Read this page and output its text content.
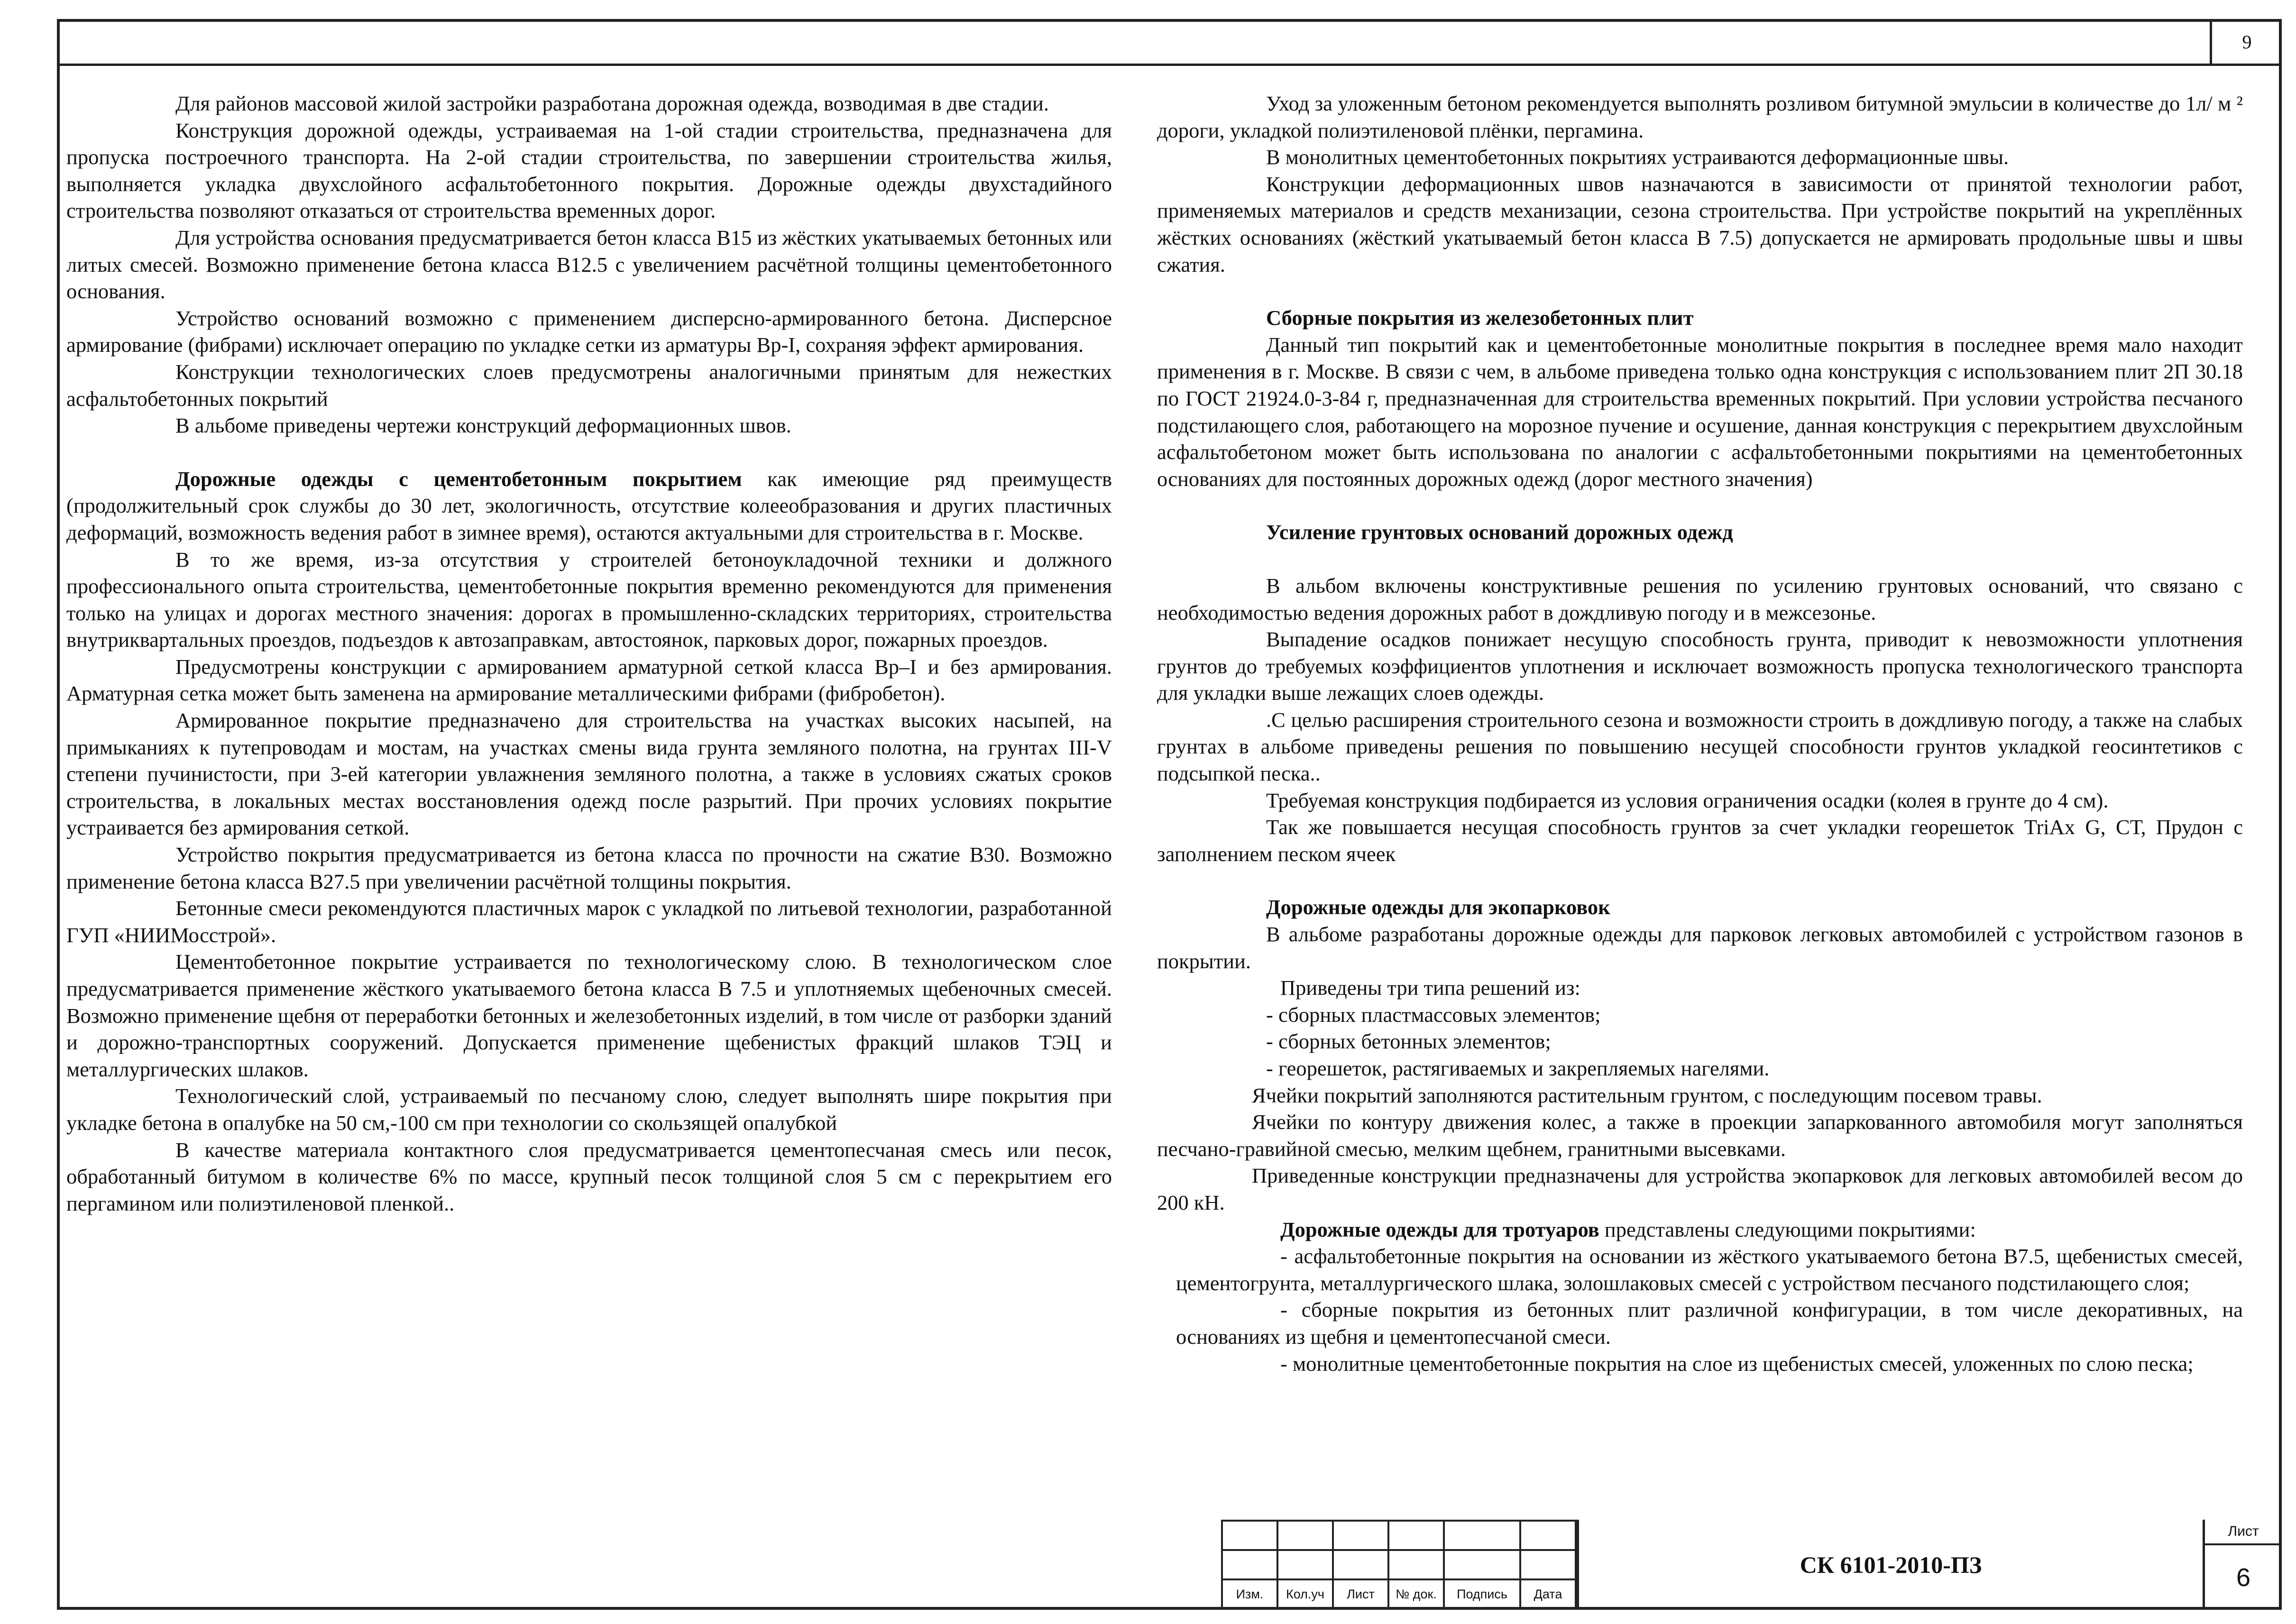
9

Для районов массовой жилой застройки разработана дорожная одежда, возводимая в две стадии.

Конструкция дорожной одежды, устраиваемая на 1-ой стадии строительства, предназначена для пропуска построечного транспорта. На 2-ой стадии строительства, по завершении строительства жилья, выполняется укладка двухслойного асфальтобетонного покрытия. Дорожные одежды двухстадийного строительства позволяют отказаться от строительства временных дорог.

Для устройства основания предусматривается бетон класса В15 из жёстких укатываемых бетонных или литых смесей. Возможно применение бетона класса В12.5 с увеличением расчётной толщины цементобетонного основания.

Устройство оснований возможно с применением дисперсно-армированного бетона. Дисперсное армирование (фибрами) исключает операцию по укладке сетки из арматуры Вр-I, сохраняя эффект армирования.

Конструкции технологических слоев предусмотрены аналогичными принятым для нежестких асфальтобетонных покрытий

В альбоме приведены чертежи конструкций деформационных швов.

Дорожные одежды с цементобетонным покрытием как имеющие ряд преимуществ (продолжительный срок службы до 30 лет, экологичность, отсутствие колееобразования и других пластичных деформаций, возможность ведения работ в зимнее время), остаются актуальными для строительства в г. Москве.

В то же время, из-за отсутствия у строителей бетоноукладочной техники и должного профессионального опыта строительства, цементобетонные покрытия временно рекомендуются для применения только на улицах и дорогах местного значения: дорогах в промышленно-складских территориях, строительства внутриквартальных проездов, подъездов к автозаправкам, автостоянок, парковых дорог, пожарных проездов.

Предусмотрены конструкции с армированием арматурной сеткой класса Вр–I и без армирования. Арматурная сетка может быть заменена на армирование металлическими фибрами (фибробетон).

Армированное покрытие предназначено для строительства на участках высоких насыпей, на примыканиях к путепроводам и мостам, на участках смены вида грунта земляного полотна, на грунтах III-V степени пучинистости, при 3-ей категории увлажнения земляного полотна, а также в условиях сжатых сроков строительства, в локальных местах восстановления одежд после разрытий. При прочих условиях покрытие устраивается без армирования сеткой.

Устройство покрытия предусматривается из бетона класса по прочности на сжатие В30. Возможно применение бетона класса В27.5 при увеличении расчётной толщины покрытия.

Бетонные смеси рекомендуются пластичных марок с укладкой по литьевой технологии, разработанной ГУП «НИИМосстрой».

Цементобетонное покрытие устраивается по технологическому слою. В технологическом слое предусматривается применение жёсткого укатываемого бетона класса В 7.5 и уплотняемых щебеночных смесей. Возможно применение щебня от переработки бетонных и железобетонных изделий, в том числе от разборки зданий и дорожно-транспортных сооружений. Допускается применение щебенистых фракций шлаков ТЭЦ и металлургических шлаков.

Технологический слой, устраиваемый по песчаному слою, следует выполнять шире покрытия при укладке бетона в опалубке на 50 см,-100 см при технологии со скользящей опалубкой

В качестве материала контактного слоя предусматривается цементопесчаная смесь или песок, обработанный битумом в количестве 6% по массе, крупный песок толщиной слоя 5 см с перекрытием его пергамином или полиэтиленовой пленкой..

Уход за уложенным бетоном рекомендуется выполнять розливом битумной эмульсии в количестве до 1л/ м ² дороги, укладкой полиэтиленовой плёнки, пергамина.

В монолитных цементобетонных покрытиях устраиваются деформационные швы.

Конструкции деформационных швов назначаются в зависимости от принятой технологии работ, применяемых материалов и средств механизации, сезона строительства. При устройстве покрытий на укреплённых жёстких основаниях (жёсткий укатываемый бетон класса В 7.5) допускается не армировать продольные швы и швы сжатия.

Сборные покрытия из железобетонных плит

Данный тип покрытий как и цементобетонные монолитные покрытия в последнее время мало находит применения в г. Москве. В связи с чем, в альбоме приведена только одна конструкция с использованием плит 2П 30.18 по ГОСТ 21924.0-3-84 г, предназначенная для строительства временных покрытий. При условии устройства песчаного подстилающего слоя, работающего на морозное пучение и осушение, данная конструкция с перекрытием двухслойным асфальтобетоном может быть использована по аналогии с асфальтобетонными покрытиями на цементобетонных основаниях для постоянных дорожных одежд (дорог местного значения)

Усиление грунтовых оснований дорожных одежд

В альбом включены конструктивные решения по усилению грунтовых оснований, что связано с необходимостью ведения дорожных работ в дождливую погоду и в межсезонье.

Выпадение осадков понижает несущую способность грунта, приводит к невозможности уплотнения грунтов до требуемых коэффициентов уплотнения и исключает возможность пропуска технологического транспорта для укладки выше лежащих слоев одежды.

.С целью расширения строительного сезона и возможности строить в дождливую погоду, а также на слабых грунтах в альбоме приведены решения по повышению несущей способности грунтов укладкой геосинтетиков с подсыпкой песка..

Требуемая конструкция подбирается из условия ограничения осадки (колея в грунте до 4 см).

Так же повышается несущая способность грунтов за счет укладки георешеток TriAx G, СТ, Прудон с заполнением песком ячеек

Дорожные одежды для экопарковок

В альбоме разработаны дорожные одежды для парковок легковых автомобилей с устройством газонов в покрытии.

Приведены три типа решений из:

- сборных пластмассовых элементов;

- сборных бетонных элементов;

- георешеток, растягиваемых и закрепляемых нагелями.

Ячейки покрытий заполняются растительным грунтом, с последующим посевом травы.

Ячейки по контуру движения колес, а также в проекции запаркованного автомобиля могут заполняться песчано-гравийной смесью, мелким щебнем, гранитными высевками.

Приведенные конструкции предназначены для устройства экопарковок для легковых автомобилей весом до 200 кН.

Дорожные одежды для тротуаров представлены следующими покрытиями:

- асфальтобетонные покрытия на основании из жёсткого укатываемого бетона В7.5, щебенистых смесей, цементогрунта, металлургического шлака, золошлаковых смесей с устройством песчаного подстилающего слоя;

- сборные покрытия из бетонных плит различной конфигурации, в том числе декоративных, на основаниях из щебня и цементопесчаной смеси.

- монолитные цементобетонные покрытия на слое из щебенистых смесей, уложенных по слою песка;

Изм.	Кол.уч	Лист	№ док.	Подпись	Дата
СК 6101-2010-ПЗ
Лист
6
